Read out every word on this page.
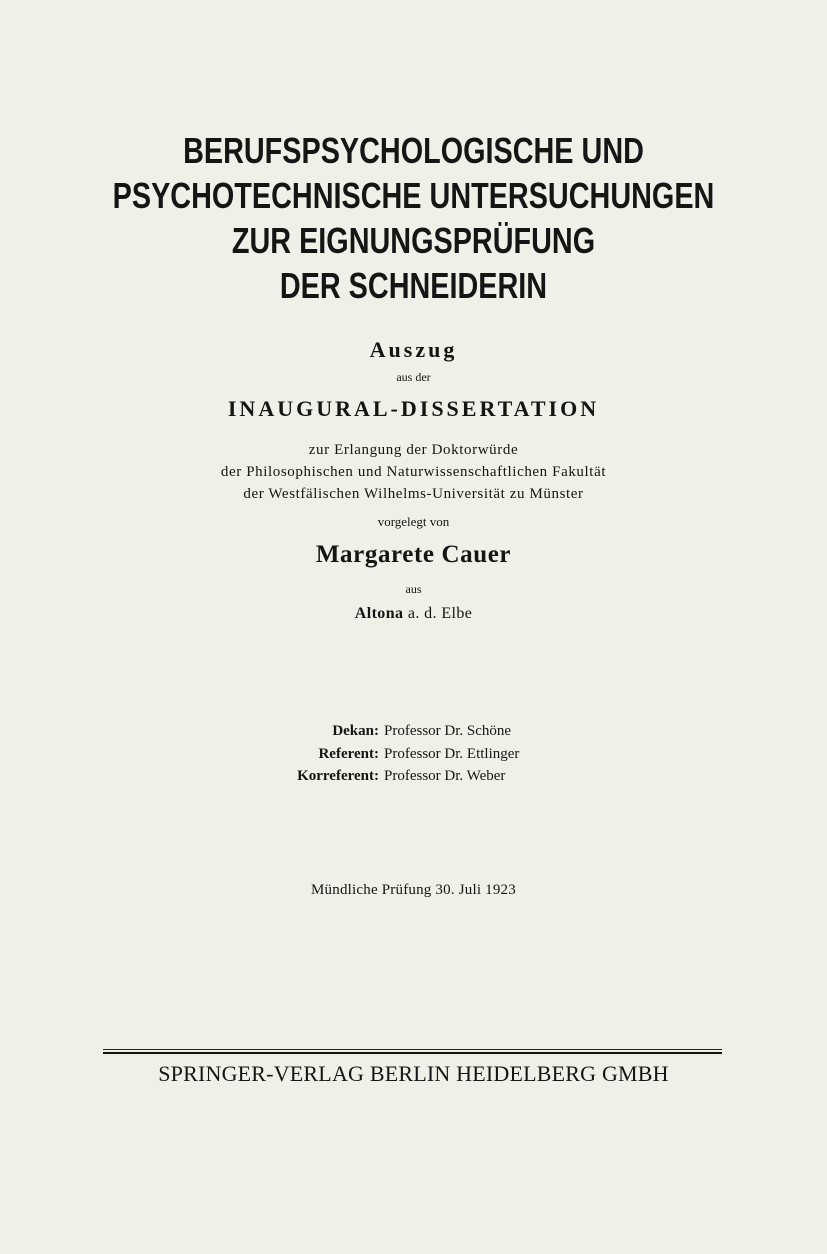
BERUFSPSYCHOLOGISCHE UND
PSYCHOTECHNISCHE UNTERSUCHUNGEN
ZUR EIGNUNGSPRÜFUNG
DER SCHNEIDERIN
Auszug
aus der
INAUGURAL-DISSERTATION
zur Erlangung der Doktorwürde
der Philosophischen und Naturwissenschaftlichen Fakultät
der Westfälischen Wilhelms-Universität zu Münster
vorgelegt von
Margarete Cauer
aus
Altona a. d. Elbe
Dekan : Professor Dr. Schöne
Referent : Professor Dr. Ettlinger
Korreferent : Professor Dr. Weber
Mündliche Prüfung 30. Juli 1923
SPRINGER-VERLAG BERLIN HEIDELBERG GMBH
